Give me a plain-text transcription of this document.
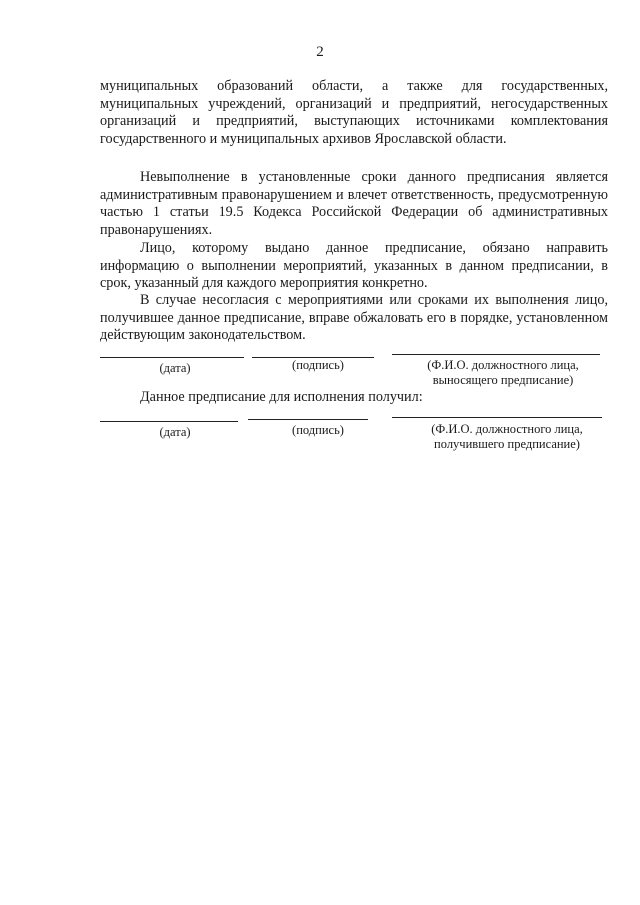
2

муниципальных образований области, а также для государственных, муниципальных учреждений, организаций и предприятий, негосударственных организаций и предприятий, выступающих источниками комплектования государственного и муниципальных архивов Ярославской области.

Невыполнение в установленные сроки данного предписания является административным правонарушением и влечет ответственность, предусмотренную частью 1 статьи 19.5 Кодекса Российской Федерации об административных правонарушениях.

Лицо, которому выдано данное предписание, обязано направить информацию о выполнении мероприятий, указанных в данном предписании, в срок, указанный для каждого мероприятия конкретно.

В случае несогласия с мероприятиями или сроками их выполнения лицо, получившее данное предписание, вправе обжаловать его в порядке, установленном действующим законодательством.

(дата)	(подпись)	(Ф.И.О. должностного лица,
выносящего предписание)
Данное предписание для исполнения получил:
(дата)	(подпись)	(Ф.И.О. должностного лица,
получившего предписание)
